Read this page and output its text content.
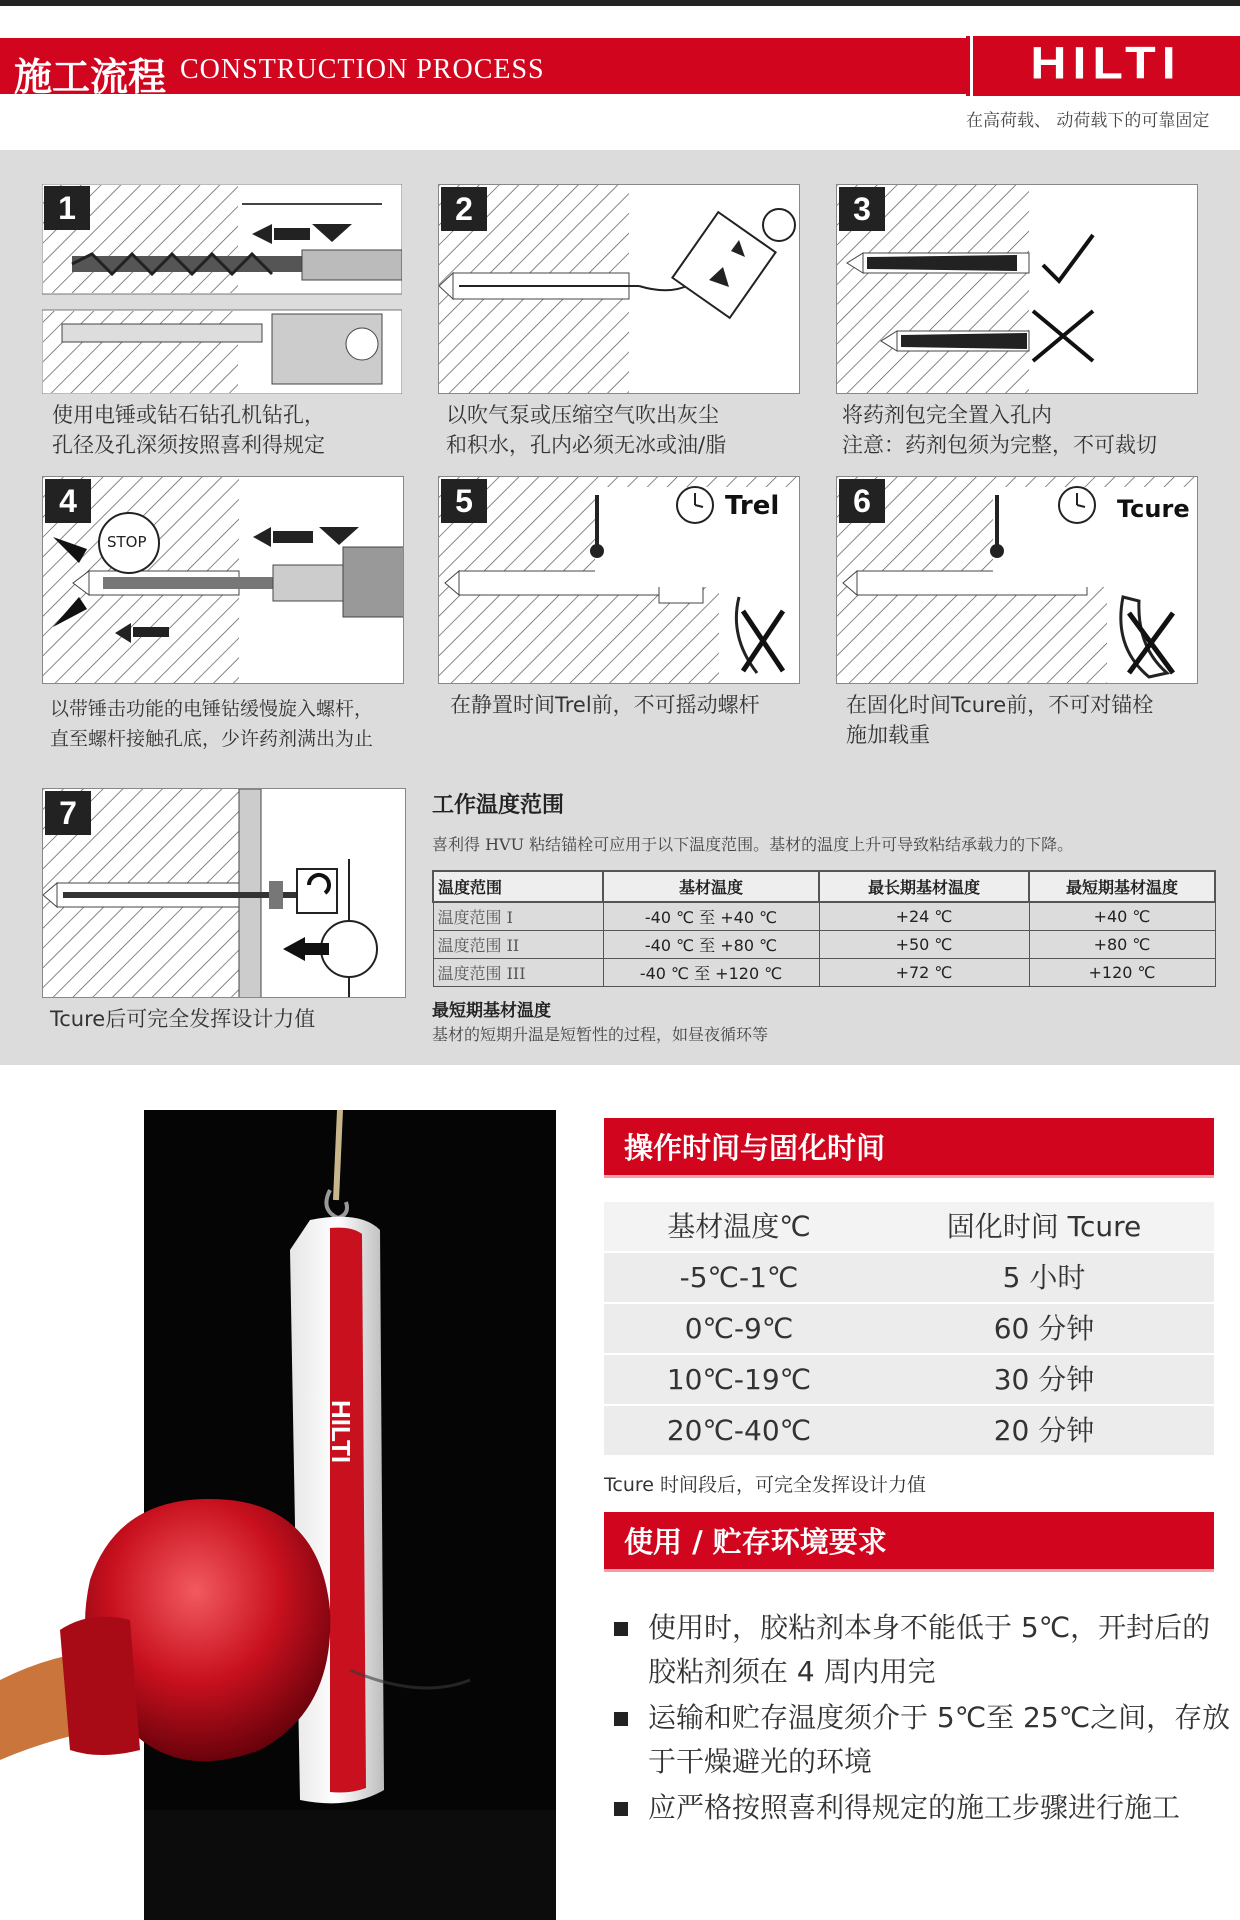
施工流程 CONSTRUCTION PROCESS	HILTI
在高荷载、 动荷载下的可靠固定
1
使用电锤或钻石钻孔机钻孔，
孔径及孔深须按照喜利得规定
2
以吹气泵或压缩空气吹出灰尘
和积水，孔内必须无冰或油/脂
3
将药剂包完全置入孔内
注意：药剂包须为完整，不可裁切
STOP
4
以带锤击功能的电锤钻缓慢旋入螺杆，
直至螺杆接触孔底，少许药剂满出为止
Trel
5
在静置时间Trel前，不可摇动螺杆
Tcure
6
在固化时间Tcure前，不可对锚栓
施加载重
7
Tcure后可完全发挥设计力值
工作温度范围
喜利得 HVU 粘结锚栓可应用于以下温度范围。基材的温度上升可导致粘结承载力的下降。
温度范围	基材温度	最长期基材温度	最短期基材温度
温度范围 I	-40 ℃ 至 +40 ℃	+24 ℃	+40 ℃
温度范围 II	-40 ℃ 至 +80 ℃	+50 ℃	+80 ℃
温度范围 III	-40 ℃ 至 +120 ℃	+72 ℃	+120 ℃
最短期基材温度
基材的短期升温是短暂性的过程，如昼夜循环等
HILTI
操作时间与固化时间
基材温度℃	固化时间 Tcure
-5℃-1℃	5 小时
0℃-9℃	60 分钟
10℃-19℃	30 分钟
20℃-40℃	20 分钟
Tcure 时间段后，可完全发挥设计力值
使用 / 贮存环境要求
使用时，胶粘剂本身不能低于 5℃，开封后的胶粘剂须在 4 周内用完
运输和贮存温度须介于 5℃至 25℃之间，存放于干燥避光的环境
应严格按照喜利得规定的施工步骤进行施工
